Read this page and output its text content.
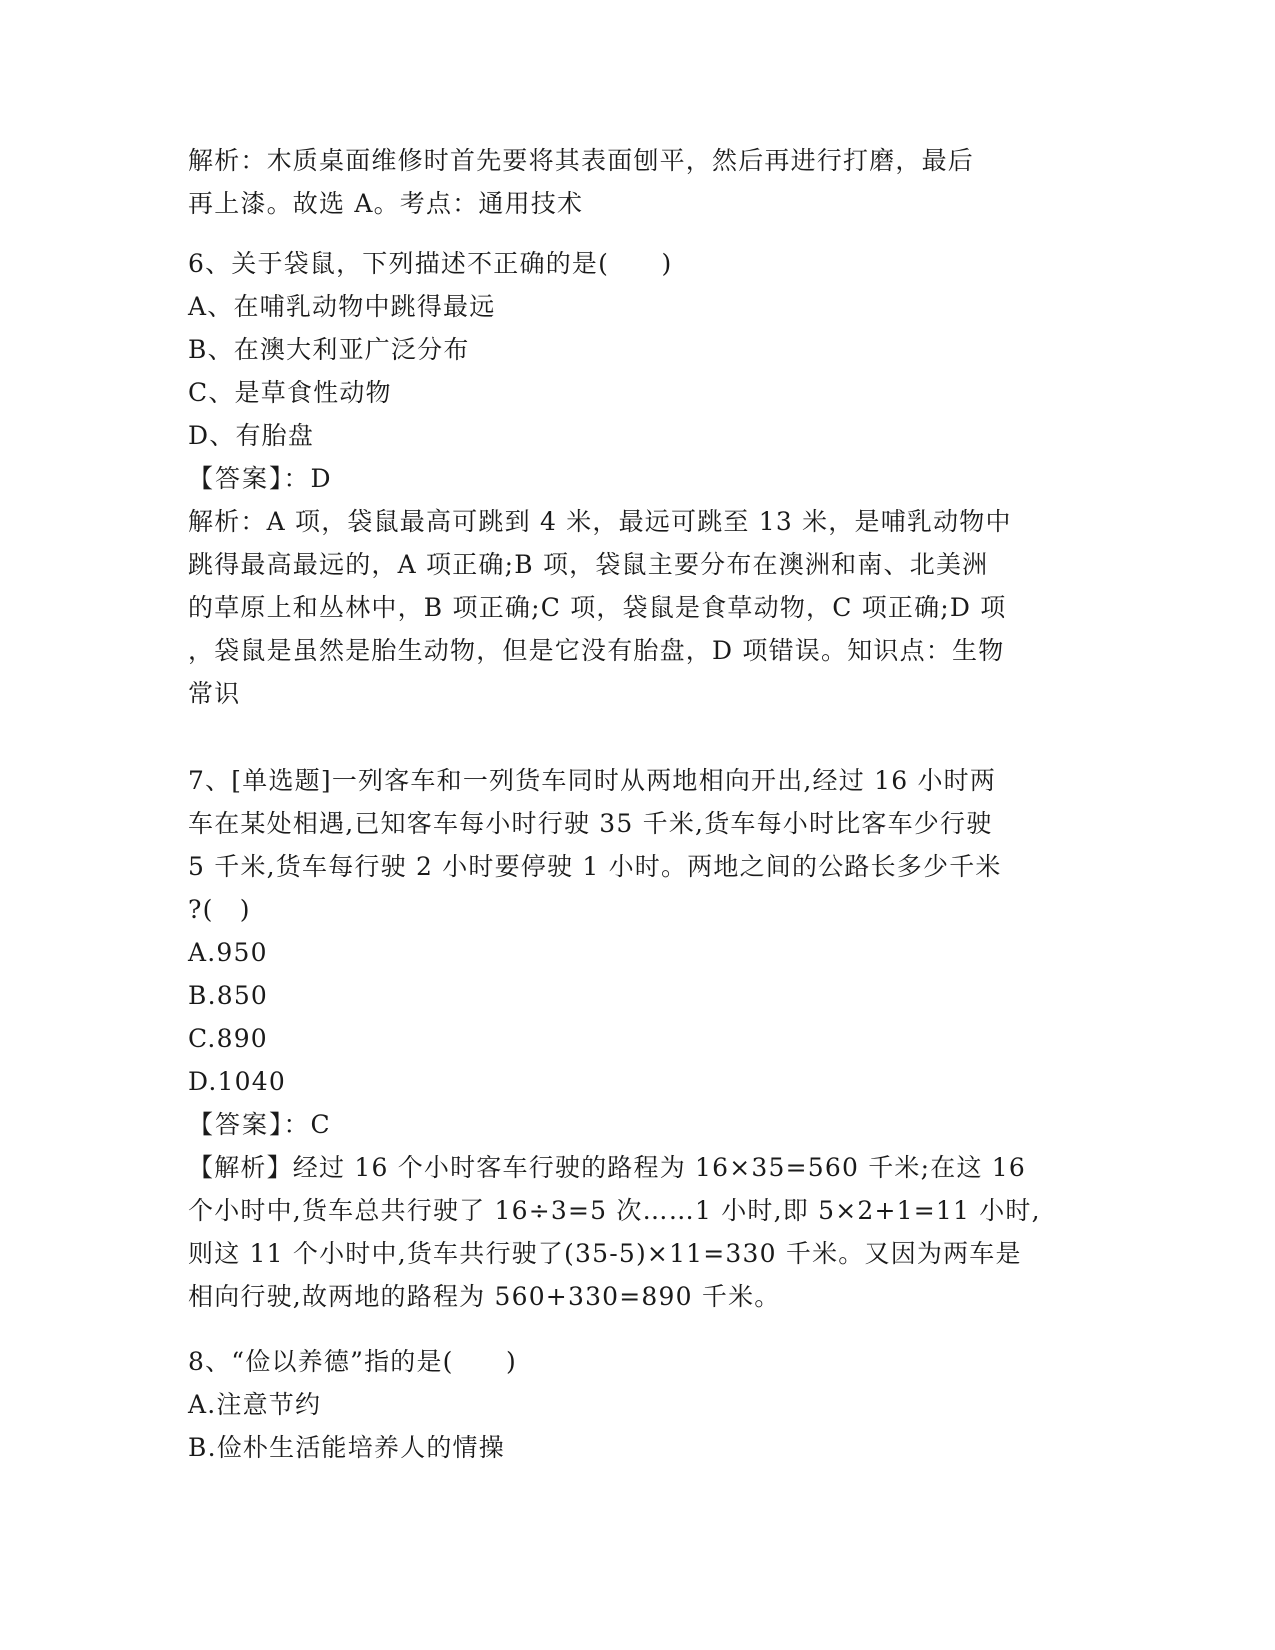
解析：木质桌面维修时首先要将其表面刨平，然后再进行打磨，最后
再上漆。故选 A。考点：通用技术
6、关于袋鼠，下列描述不正确的是(　　)
A、在哺乳动物中跳得最远
B、在澳大利亚广泛分布
C、是草食性动物
D、有胎盘
【答案】：D
解析：A 项，袋鼠最高可跳到 4 米，最远可跳至 13 米，是哺乳动物中
跳得最高最远的，A 项正确;B 项，袋鼠主要分布在澳洲和南、北美洲
的草原上和丛林中，B 项正确;C 项，袋鼠是食草动物，C 项正确;D 项
，袋鼠是虽然是胎生动物，但是它没有胎盘，D 项错误。知识点：生物
常识
7、[单选题]一列客车和一列货车同时从两地相向开出,经过 16 小时两
车在某处相遇,已知客车每小时行驶 35 千米,货车每小时比客车少行驶
5 千米,货车每行驶 2 小时要停驶 1 小时。两地之间的公路长多少千米
?(　)
A.950
B.850
C.890
D.1040
【答案】：C
【解析】经过 16 个小时客车行驶的路程为 16×35=560 千米;在这 16
个小时中,货车总共行驶了 16÷3=5 次……1 小时,即 5×2+1=11 小时,
则这 11 个小时中,货车共行驶了(35-5)×11=330 千米。又因为两车是
相向行驶,故两地的路程为 560+330=890 千米。
8、“俭以养德”指的是(　　)
A.注意节约
B.俭朴生活能培养人的情操
